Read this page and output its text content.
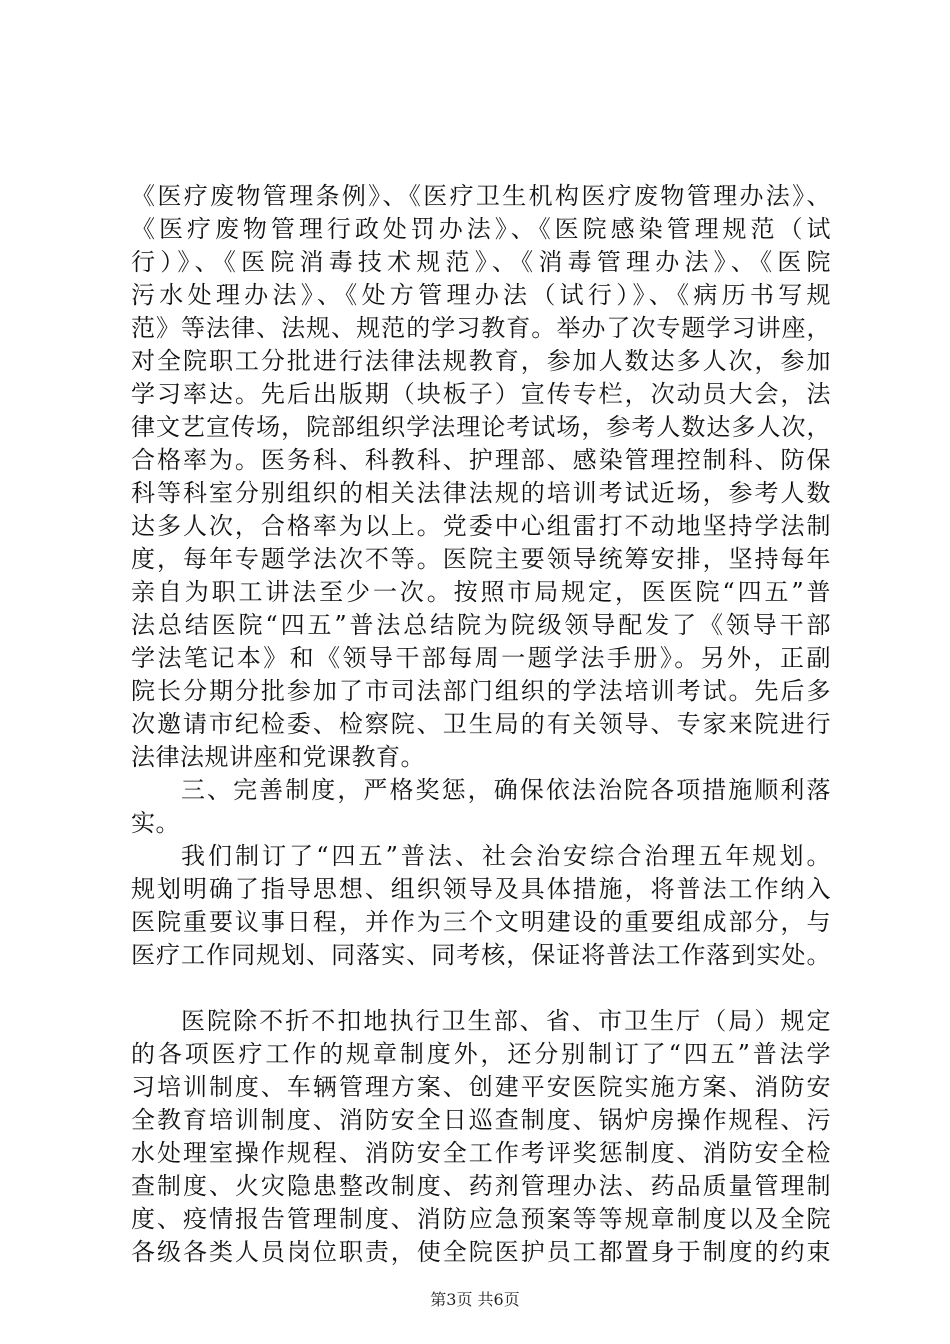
《医疗废物管理条例》、《医疗卫生机构医疗废物管理办法》、
《医疗废物管理行政处罚办法》、《医院感染管理规范（试
行）》、《医院消毒技术规范》、《消毒管理办法》、《医院
污水处理办法》、《处方管理办法（试行）》、《病历书写规
范》等法律、法规、规范的学习教育。举办了次专题学习讲座，
对全院职工分批进行法律法规教育，参加人数达多人次，参加
学习率达。先后出版期（块板子）宣传专栏，次动员大会，法
律文艺宣传场，院部组织学法理论考试场，参考人数达多人次，
合格率为。医务科、科教科、护理部、感染管理控制科、防保
科等科室分别组织的相关法律法规的培训考试近场，参考人数
达多人次，合格率为以上。党委中心组雷打不动地坚持学法制
度，每年专题学法次不等。医院主要领导统筹安排，坚持每年
亲自为职工讲法至少一次。按照市局规定，医医院“四五”普
法总结医院“四五”普法总结院为院级领导配发了《领导干部
学法笔记本》和《领导干部每周一题学法手册》。另外，正副
院长分期分批参加了市司法部门组织的学法培训考试。先后多
次邀请市纪检委、检察院、卫生局的有关领导、专家来院进行
法律法规讲座和党课教育。
三、完善制度，严格奖惩，确保依法治院各项措施顺利落
实。
我们制订了“四五”普法、社会治安综合治理五年规划。
规划明确了指导思想、组织领导及具体措施，将普法工作纳入
医院重要议事日程，并作为三个文明建设的重要组成部分，与
医疗工作同规划、同落实、同考核，保证将普法工作落到实处。
医院除不折不扣地执行卫生部、省、市卫生厅（局）规定
的各项医疗工作的规章制度外，还分别制订了“四五”普法学
习培训制度、车辆管理方案、创建平安医院实施方案、消防安
全教育培训制度、消防安全日巡查制度、锅炉房操作规程、污
水处理室操作规程、消防安全工作考评奖惩制度、消防安全检
查制度、火灾隐患整改制度、药剂管理办法、药品质量管理制
度、疫情报告管理制度、消防应急预案等等规章制度以及全院
各级各类人员岗位职责，使全院医护员工都置身于制度的约束
第3页 共6页
